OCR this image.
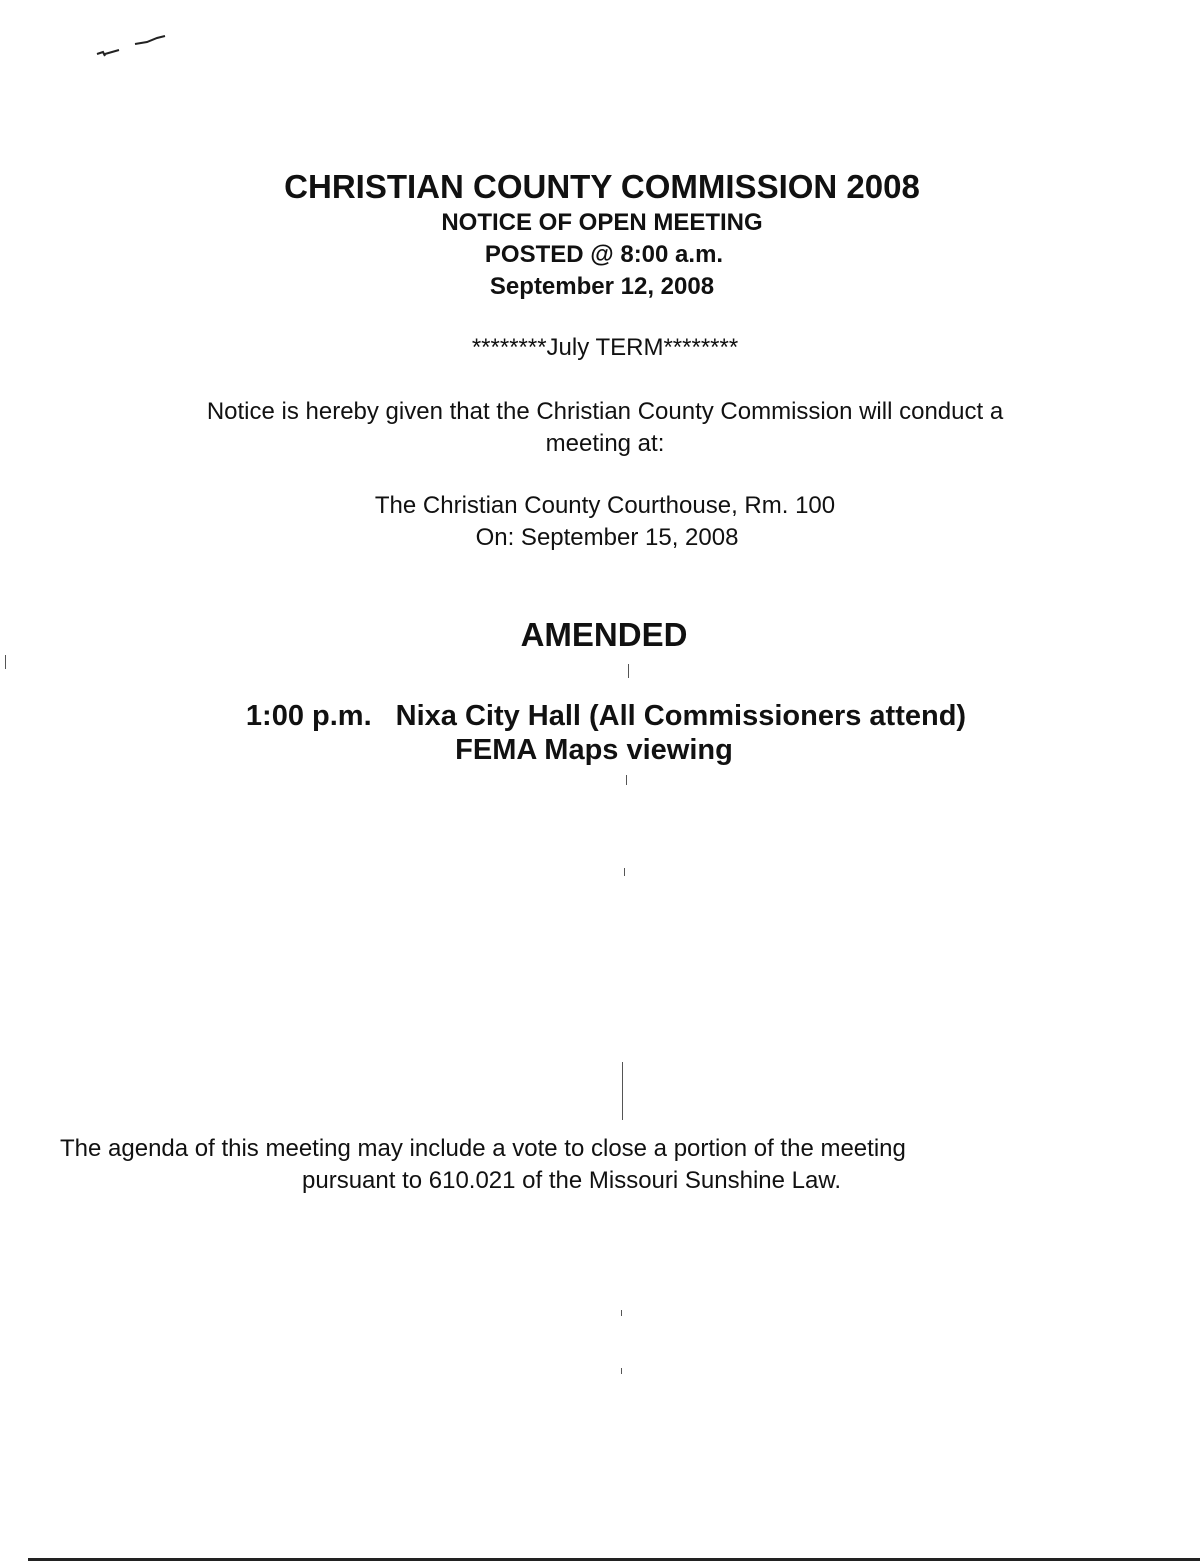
CHRISTIAN COUNTY COMMISSION 2008
NOTICE OF OPEN MEETING
POSTED @ 8:00 a.m.
September 12, 2008
********July TERM********
Notice is hereby given that the Christian County Commission will conduct a
meeting at:
The Christian County Courthouse, Rm. 100
On: September 15, 2008
AMENDED
1:00 p.m. Nixa City Hall (All Commissioners attend)
FEMA Maps viewing
The agenda of this meeting may include a vote to close a portion of the meeting
pursuant to 610.021 of the Missouri Sunshine Law.
